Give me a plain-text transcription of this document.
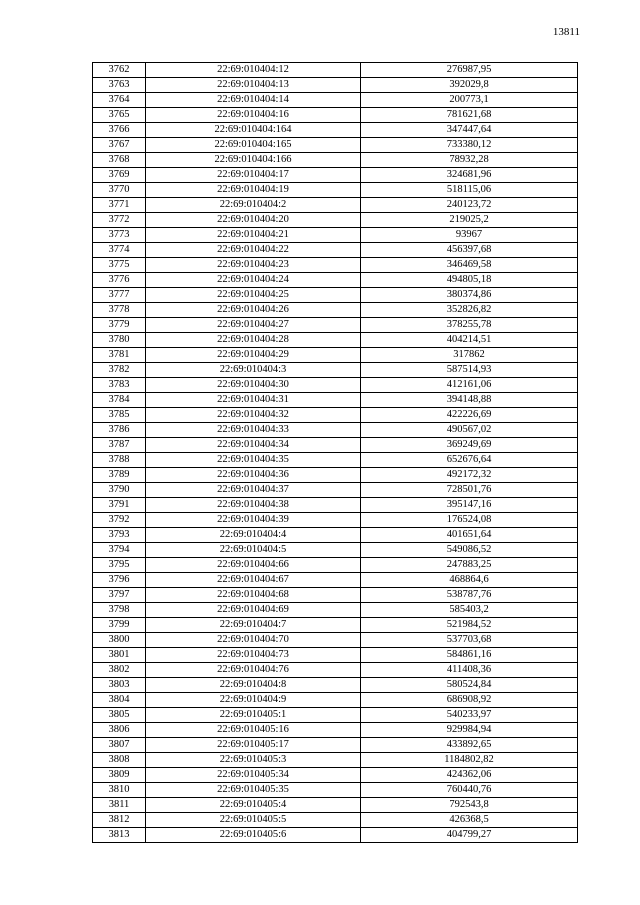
13811
3762	22:69:010404:12	276987,95
3763	22:69:010404:13	392029,8
3764	22:69:010404:14	200773,1
3765	22:69:010404:16	781621,68
3766	22:69:010404:164	347447,64
3767	22:69:010404:165	733380,12
3768	22:69:010404:166	78932,28
3769	22:69:010404:17	324681,96
3770	22:69:010404:19	518115,06
3771	22:69:010404:2	240123,72
3772	22:69:010404:20	219025,2
3773	22:69:010404:21	93967
3774	22:69:010404:22	456397,68
3775	22:69:010404:23	346469,58
3776	22:69:010404:24	494805,18
3777	22:69:010404:25	380374,86
3778	22:69:010404:26	352826,82
3779	22:69:010404:27	378255,78
3780	22:69:010404:28	404214,51
3781	22:69:010404:29	317862
3782	22:69:010404:3	587514,93
3783	22:69:010404:30	412161,06
3784	22:69:010404:31	394148,88
3785	22:69:010404:32	422226,69
3786	22:69:010404:33	490567,02
3787	22:69:010404:34	369249,69
3788	22:69:010404:35	652676,64
3789	22:69:010404:36	492172,32
3790	22:69:010404:37	728501,76
3791	22:69:010404:38	395147,16
3792	22:69:010404:39	176524,08
3793	22:69:010404:4	401651,64
3794	22:69:010404:5	549086,52
3795	22:69:010404:66	247883,25
3796	22:69:010404:67	468864,6
3797	22:69:010404:68	538787,76
3798	22:69:010404:69	585403,2
3799	22:69:010404:7	521984,52
3800	22:69:010404:70	537703,68
3801	22:69:010404:73	584861,16
3802	22:69:010404:76	411408,36
3803	22:69:010404:8	580524,84
3804	22:69:010404:9	686908,92
3805	22:69:010405:1	540233,97
3806	22:69:010405:16	929984,94
3807	22:69:010405:17	433892,65
3808	22:69:010405:3	1184802,82
3809	22:69:010405:34	424362,06
3810	22:69:010405:35	760440,76
3811	22:69:010405:4	792543,8
3812	22:69:010405:5	426368,5
3813	22:69:010405:6	404799,27
